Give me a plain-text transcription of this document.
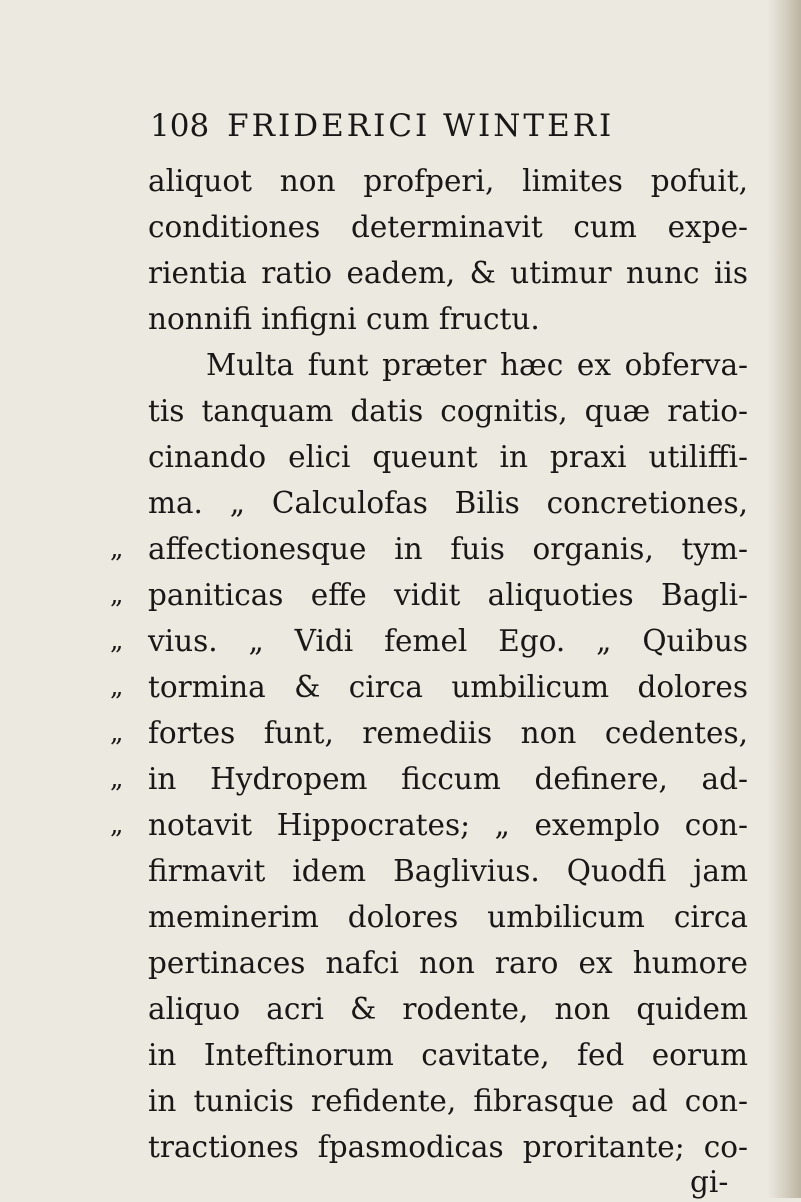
108 FRIDERICI WINTERI
aliquot non profperi, limites pofuit,
conditiones determinavit cum expe-
rientia ratio eadem, & utimur nunc iis
nonnifi infigni cum fructu.
Multa funt præter hæc ex obferva-
tis tanquam datis cognitis, quæ ratio-
cinando elici queunt in praxi utiliffi-
ma. „ Calculofas Bilis concretiones,
„ affectionesque in fuis organis, tym-
„ paniticas effe vidit aliquoties Bagli-
„ vius. „ Vidi femel Ego. „ Quibus
„ tormina & circa umbilicum dolores
„ fortes funt, remediis non cedentes,
„ in Hydropem ficcum definere, ad-
„ notavit Hippocrates; „ exemplo con-
firmavit idem Baglivius. Quodfi jam
meminerim dolores umbilicum circa
pertinaces nafci non raro ex humore
aliquo acri & rodente, non quidem
in Inteftinorum cavitate, fed eorum
in tunicis refidente, fibrasque ad con-
tractiones fpasmodicas proritante; co-
gi-
